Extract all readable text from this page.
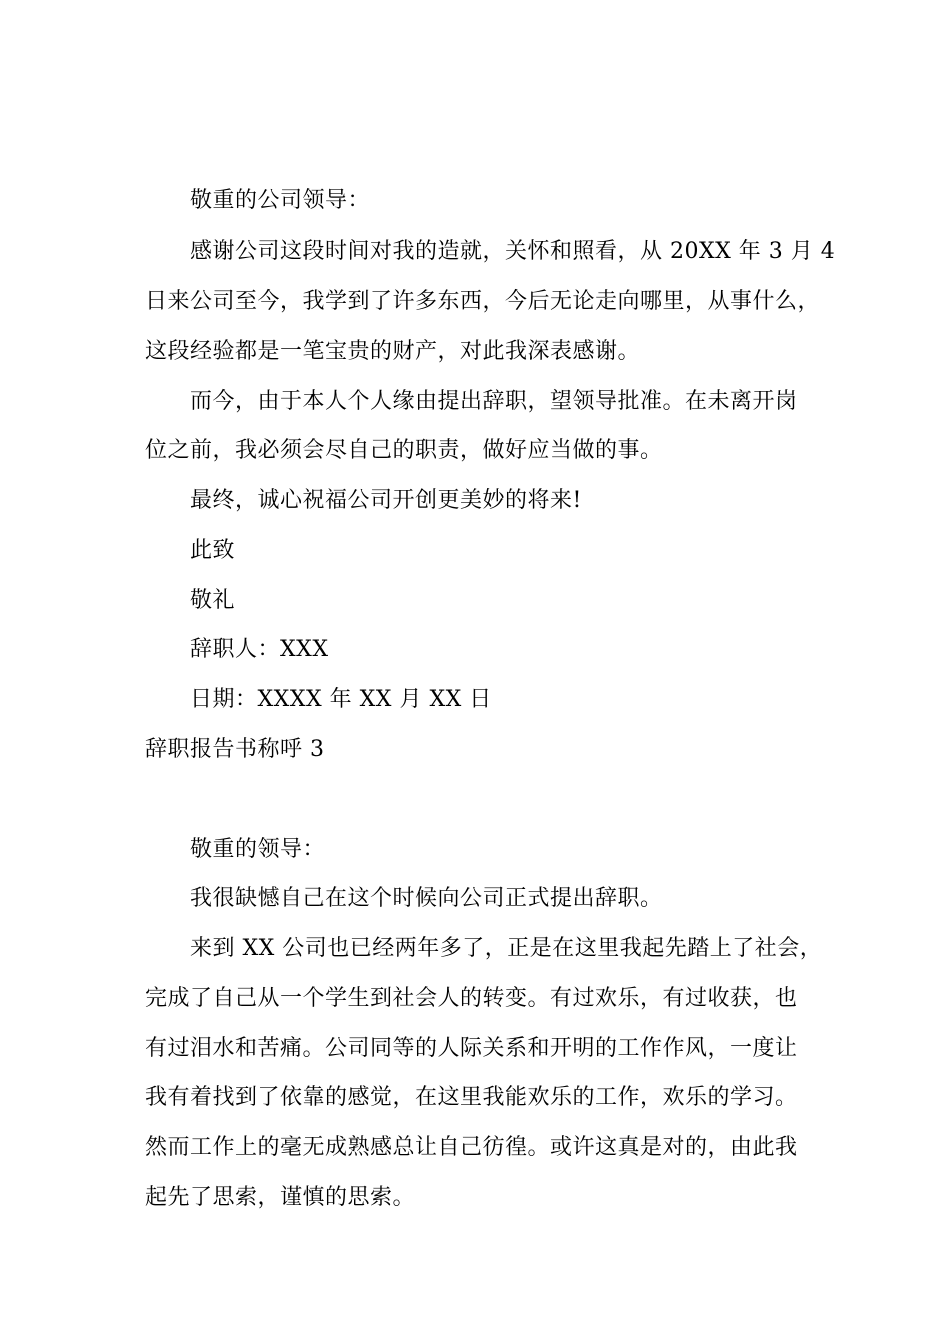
敬重的公司领导：
感谢公司这段时间对我的造就，关怀和照看，从 20XX 年 3 月 4
日来公司至今，我学到了许多东西，今后无论走向哪里，从事什么，
这段经验都是一笔宝贵的财产，对此我深表感谢。
而今，由于本人个人缘由提出辞职，望领导批准。在未离开岗
位之前，我必须会尽自己的职责，做好应当做的事。
最终，诚心祝福公司开创更美妙的将来!
此致
敬礼
辞职人：XXX
日期：XXXX 年 XX 月 XX 日
辞职报告书称呼 3
敬重的领导：
我很缺憾自己在这个时候向公司正式提出辞职。
来到 XX 公司也已经两年多了，正是在这里我起先踏上了社会，
完成了自己从一个学生到社会人的转变。有过欢乐，有过收获，也
有过泪水和苦痛。公司同等的人际关系和开明的工作作风，一度让
我有着找到了依靠的感觉，在这里我能欢乐的工作，欢乐的学习。
然而工作上的毫无成熟感总让自己彷徨。或许这真是对的，由此我
起先了思索，谨慎的思索。
